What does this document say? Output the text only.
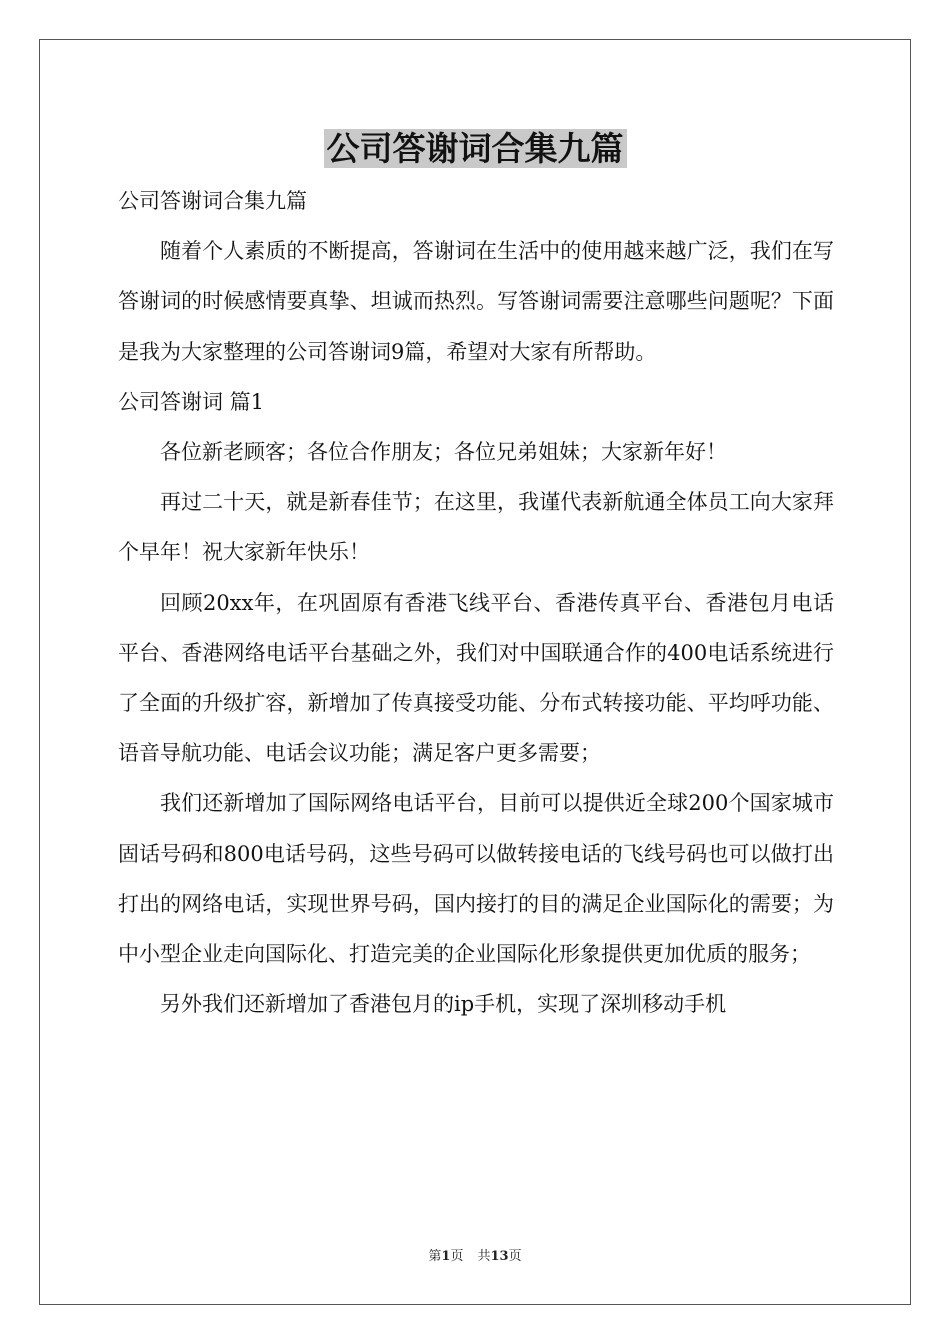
公司答谢词合集九篇

公司答谢词合集九篇

随着个人素质的不断提高，答谢词在生活中的使用越来越广泛，我们在写答谢词的时候感情要真挚、坦诚而热烈。写答谢词需要注意哪些问题呢？下面是我为大家整理的公司答谢词9篇，希望对大家有所帮助。

公司答谢词 篇1

各位新老顾客；各位合作朋友；各位兄弟姐妹；大家新年好！

再过二十天，就是新春佳节；在这里，我谨代表新航通全体员工向大家拜个早年！祝大家新年快乐！

回顾20xx年，在巩固原有香港飞线平台、香港传真平台、香港包月电话平台、香港网络电话平台基础之外，我们对中国联通合作的400电话系统进行了全面的升级扩容，新增加了传真接受功能、分布式转接功能、平均呼功能、语音导航功能、电话会议功能；满足客户更多需要；

我们还新增加了国际网络电话平台，目前可以提供近全球200个国家城市固话号码和800电话号码，这些号码可以做转接电话的飞线号码也可以做打出打出的网络电话，实现世界号码，国内接打的目的满足企业国际化的需要；为中小型企业走向国际化、打造完美的企业国际化形象提供更加优质的服务；

另外我们还新增加了香港包月的ip手机，实现了深圳移动手机

第1页 共13页
